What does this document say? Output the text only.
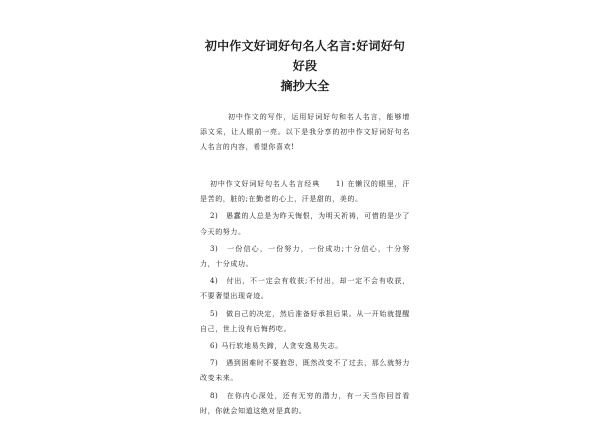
初中作文好词好句名人名言:好词好句好段
摘抄大全
初中作文的写作，运用好词好句和名人名言，能够增添文采，让人眼前一亮。以下是我分享的初中作文好词好句名人名言的内容，希望你喜欢!

初中作文好词好句名人名言经典　　1) 在懒汉的眼里，汗是苦的，脏的;在勤者的心上，汗是甜的，美的。

2)　愚蠢的人总是为昨天悔恨，为明天祈祷，可惜的是少了今天的努力。

3)　一份信心，一份努力，一份成功;十分信心，十分努力，十分成功。

4)　付出，不一定会有收获;不付出，却一定不会有收获，不要奢望出现奇迹。

5)　做自己的决定，然后准备好承担后果。从一开始就提醒自己，世上没有后悔药吃。

6) 马行软地易失蹄，人贪安逸易失志。

7)　遇到困难时不要抱怨，既然改变不了过去，那么就努力改变未来。

8)　在你内心深处，还有无穷的潜力，有一天当你回首看时，你就会知道这绝对是真的。
